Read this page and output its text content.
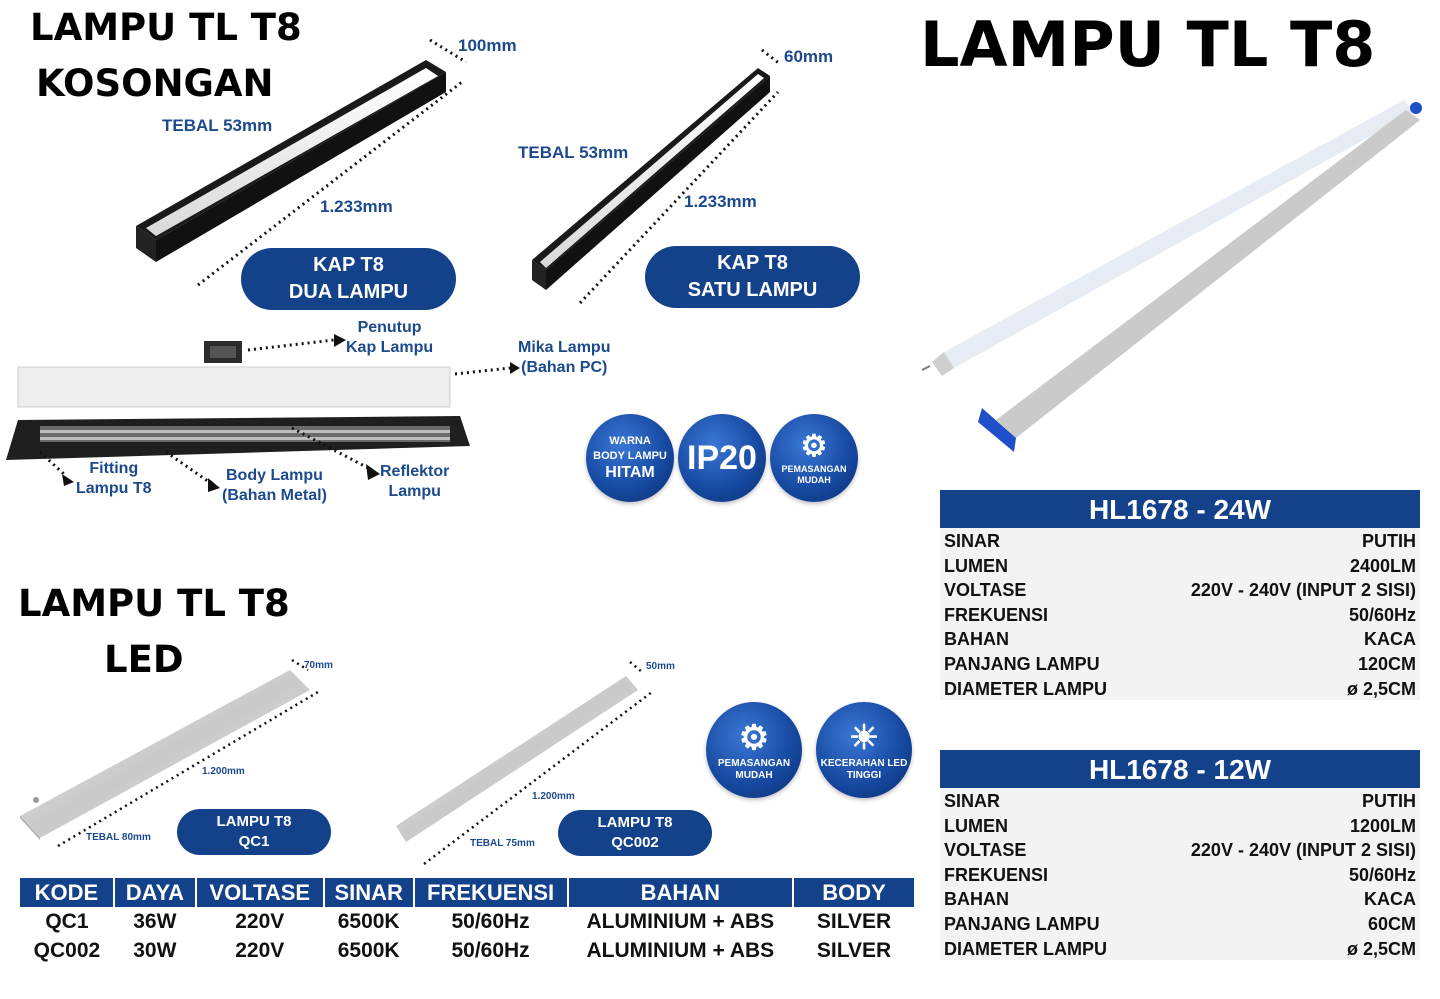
LAMPU TL T8
KOSONGAN
LAMPU TL T8
LED
LAMPU TL T8
100mm
TEBAL 53mm
1.233mm
60mm
TEBAL 53mm
1.233mm
70mm
1.200mm
TEBAL 80mm
50mm
1.200mm
TEBAL 75mm
Penutup
Kap Lampu	Mika Lampu
(Bahan PC)
Fitting
Lampu T8
Body Lampu
(Bahan Metal)
Reflektor
Lampu
KAP T8
DUA LAMPU
KAP T8
SATU LAMPU
LAMPU T8
QC1
LAMPU T8
QC002
WARNA
BODY LAMPU
HITAM IP20 ⚙
PEMASANGAN
MUDAH
⚙
PEMASANGAN
MUDAH
☀
KECERAHAN LED
TINGGI
KODE	DAYA	VOLTASE	SINAR	FREKUENSI	BAHAN	BODY
QC1	36W	220V	6500K	50/60Hz	ALUMINIUM + ABS	SILVER
QC002	30W	220V	6500K	50/60Hz	ALUMINIUM + ABS	SILVER
HL1678 - 24W
SINAR	PUTIH
LUMEN	2400LM
VOLTASE	220V - 240V (INPUT 2 SISI)
FREKUENSI	50/60Hz
BAHAN	KACA
PANJANG LAMPU	120CM
DIAMETER LAMPU	ø 2,5CM
HL1678 - 12W
SINAR	PUTIH
LUMEN	1200LM
VOLTASE	220V - 240V (INPUT 2 SISI)
FREKUENSI	50/60Hz
BAHAN	KACA
PANJANG LAMPU	60CM
DIAMETER LAMPU	ø 2,5CM
